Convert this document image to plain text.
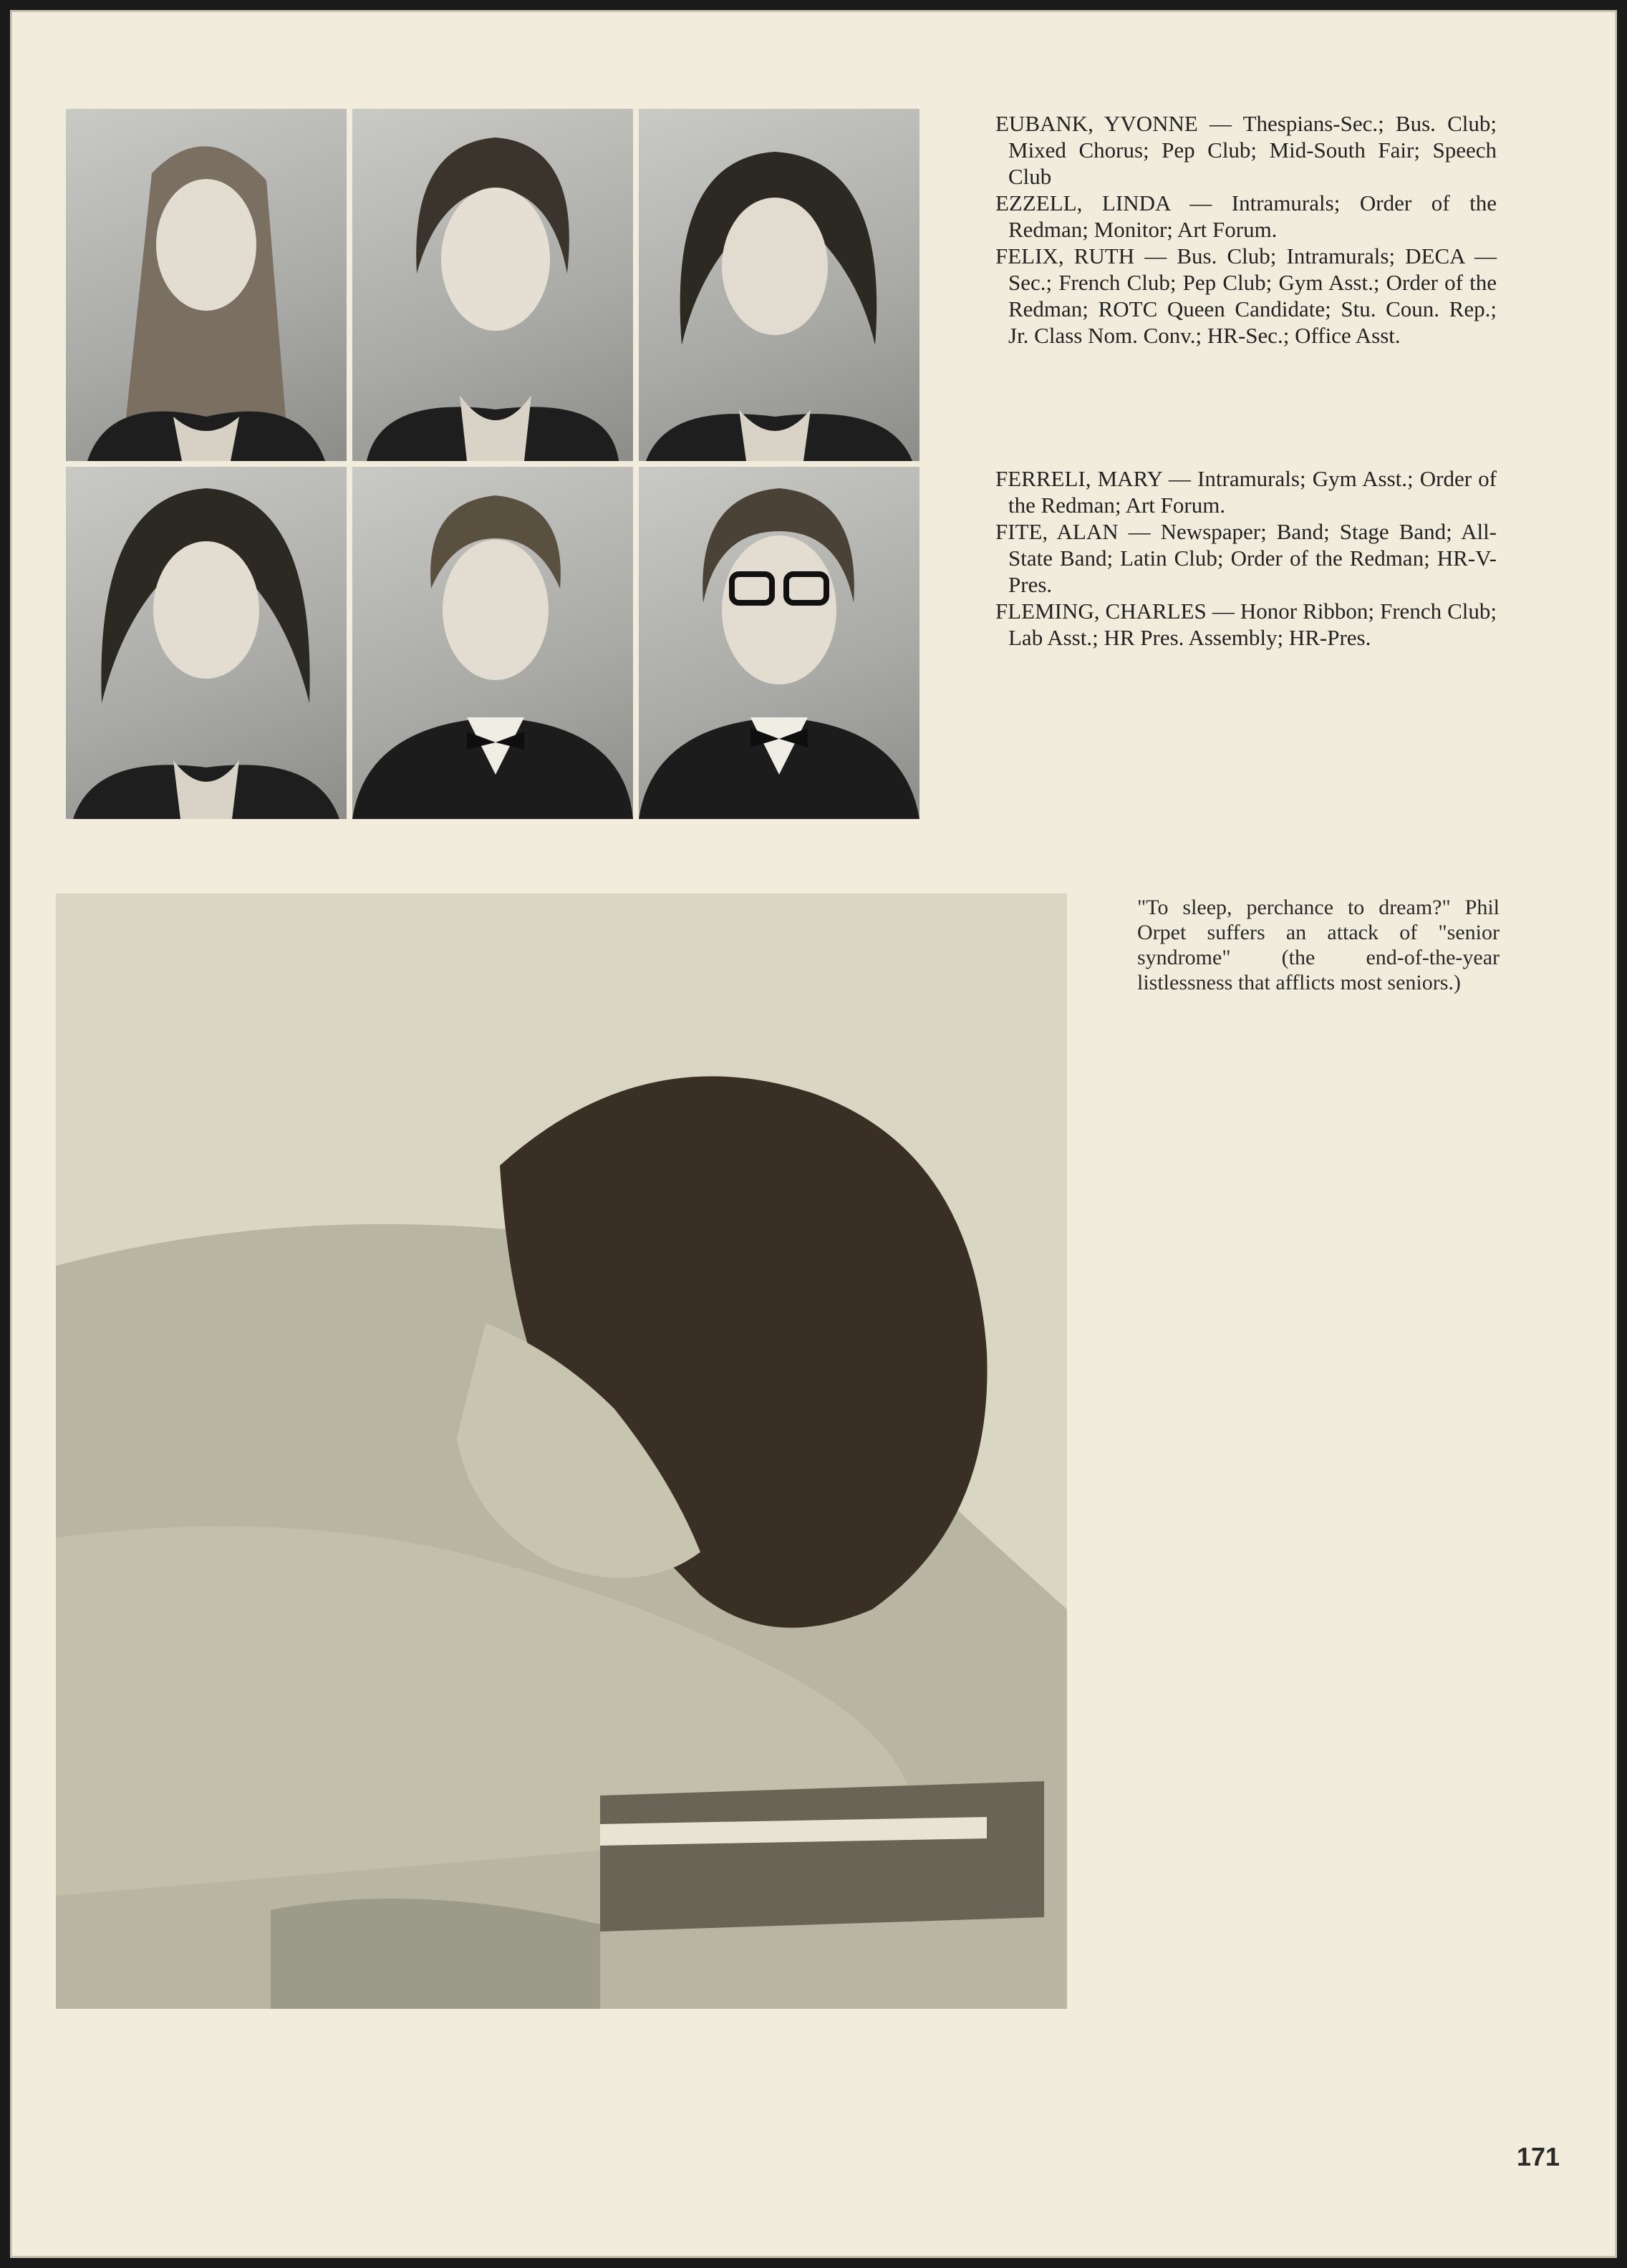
EUBANK, YVONNE — Thespians-Sec.; Bus. Club; Mixed Chorus; Pep Club; Mid-South Fair; Speech Club

EZZELL, LINDA — Intramurals; Order of the Redman; Monitor; Art Forum.

FELIX, RUTH — Bus. Club; Intramurals; DECA —Sec.; French Club; Pep Club; Gym Asst.; Order of the Redman; ROTC Queen Candidate; Stu. Coun. Rep.; Jr. Class Nom. Conv.; HR-Sec.; Office Asst.

FERRELI, MARY — Intramurals; Gym Asst.; Order of the Redman; Art Forum.

FITE, ALAN — Newspaper; Band; Stage Band; All-State Band; Latin Club; Order of the Redman; HR-V-Pres.

FLEMING, CHARLES — Honor Ribbon; French Club; Lab Asst.; HR Pres. Assembly; HR-Pres.

"To sleep, perchance to dream?" Phil Orpet suffers an attack of "senior syndrome" (the end-of-the-year listlessness that afflicts most seniors.)

171
